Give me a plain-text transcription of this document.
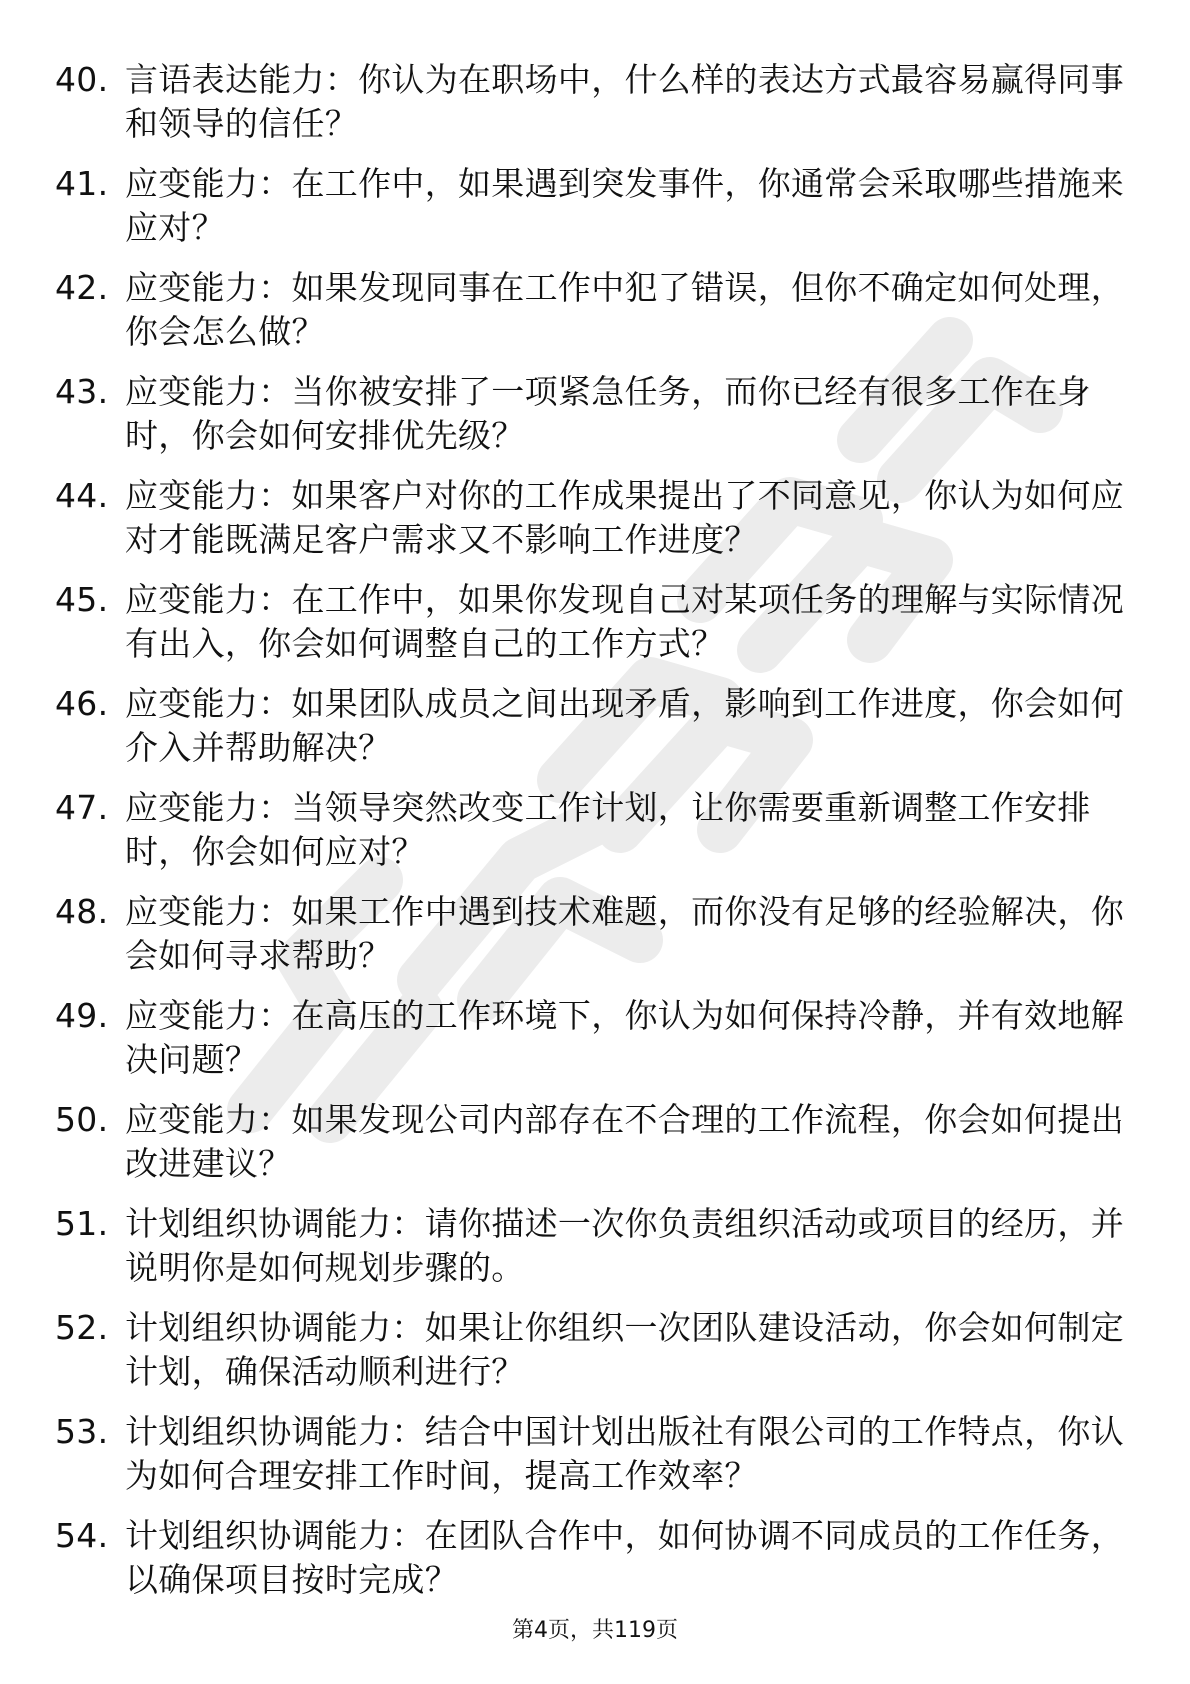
40. 言语表达能力：你认为在职场中，什么样的表达方式最容易赢得同事和领导的信任？
41. 应变能力：在工作中，如果遇到突发事件，你通常会采取哪些措施来应对？
42. 应变能力：如果发现同事在工作中犯了错误，但你不确定如何处理，你会怎么做？
43. 应变能力：当你被安排了一项紧急任务，而你已经有很多工作在身时，你会如何安排优先级？
44. 应变能力：如果客户对你的工作成果提出了不同意见，你认为如何应对才能既满足客户需求又不影响工作进度？
45. 应变能力：在工作中，如果你发现自己对某项任务的理解与实际情况有出入，你会如何调整自己的工作方式？
46. 应变能力：如果团队成员之间出现矛盾，影响到工作进度，你会如何介入并帮助解决？
47. 应变能力：当领导突然改变工作计划，让你需要重新调整工作安排时，你会如何应对？
48. 应变能力：如果工作中遇到技术难题，而你没有足够的经验解决，你会如何寻求帮助？
49. 应变能力：在高压的工作环境下，你认为如何保持冷静，并有效地解决问题？
50. 应变能力：如果发现公司内部存在不合理的工作流程，你会如何提出改进建议？
51. 计划组织协调能力：请你描述一次你负责组织活动或项目的经历，并说明你是如何规划步骤的。
52. 计划组织协调能力：如果让你组织一次团队建设活动，你会如何制定计划，确保活动顺利进行？
53. 计划组织协调能力：结合中国计划出版社有限公司的工作特点，你认为如何合理安排工作时间，提高工作效率？
54. 计划组织协调能力：在团队合作中，如何协调不同成员的工作任务，以确保项目按时完成？
第4页，共119页
